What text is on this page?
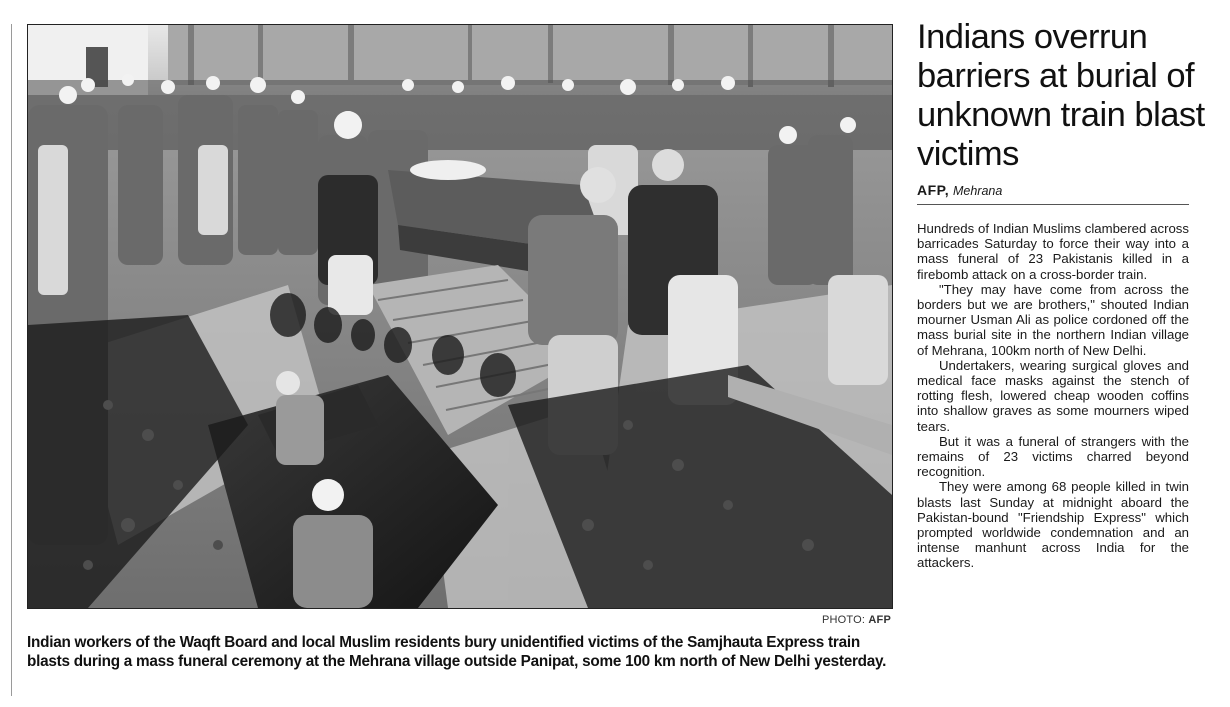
PHOTO: AFP

Indian workers of the Waqft Board and local Muslim residents bury unidentified victims of the Samjhauta Express train blasts during a mass funeral ceremony at the Mehrana village outside Panipat, some 100 km north of New Delhi yesterday.

Indians overrun barriers at burial of unknown train blast victims
AFP, Mehrana

Hundreds of Indian Muslims clambered across barricades Saturday to force their way into a mass funeral of 23 Pakistanis killed in a firebomb attack on a cross-border train.

"They may have come from across the borders but we are brothers," shouted Indian mourner Usman Ali as police cordoned off the mass burial site in the northern Indian village of Mehrana, 100km north of New Delhi.

Undertakers, wearing surgical gloves and medical face masks against the stench of rotting flesh, lowered cheap wooden coffins into shallow graves as some mourners wiped tears.

But it was a funeral of strangers with the remains of 23 victims charred beyond recognition.

They were among 68 people killed in twin blasts last Sunday at midnight aboard the Pakistan-bound "Friendship Express" which prompted worldwide condemnation and an intense manhunt across India for the attackers.
